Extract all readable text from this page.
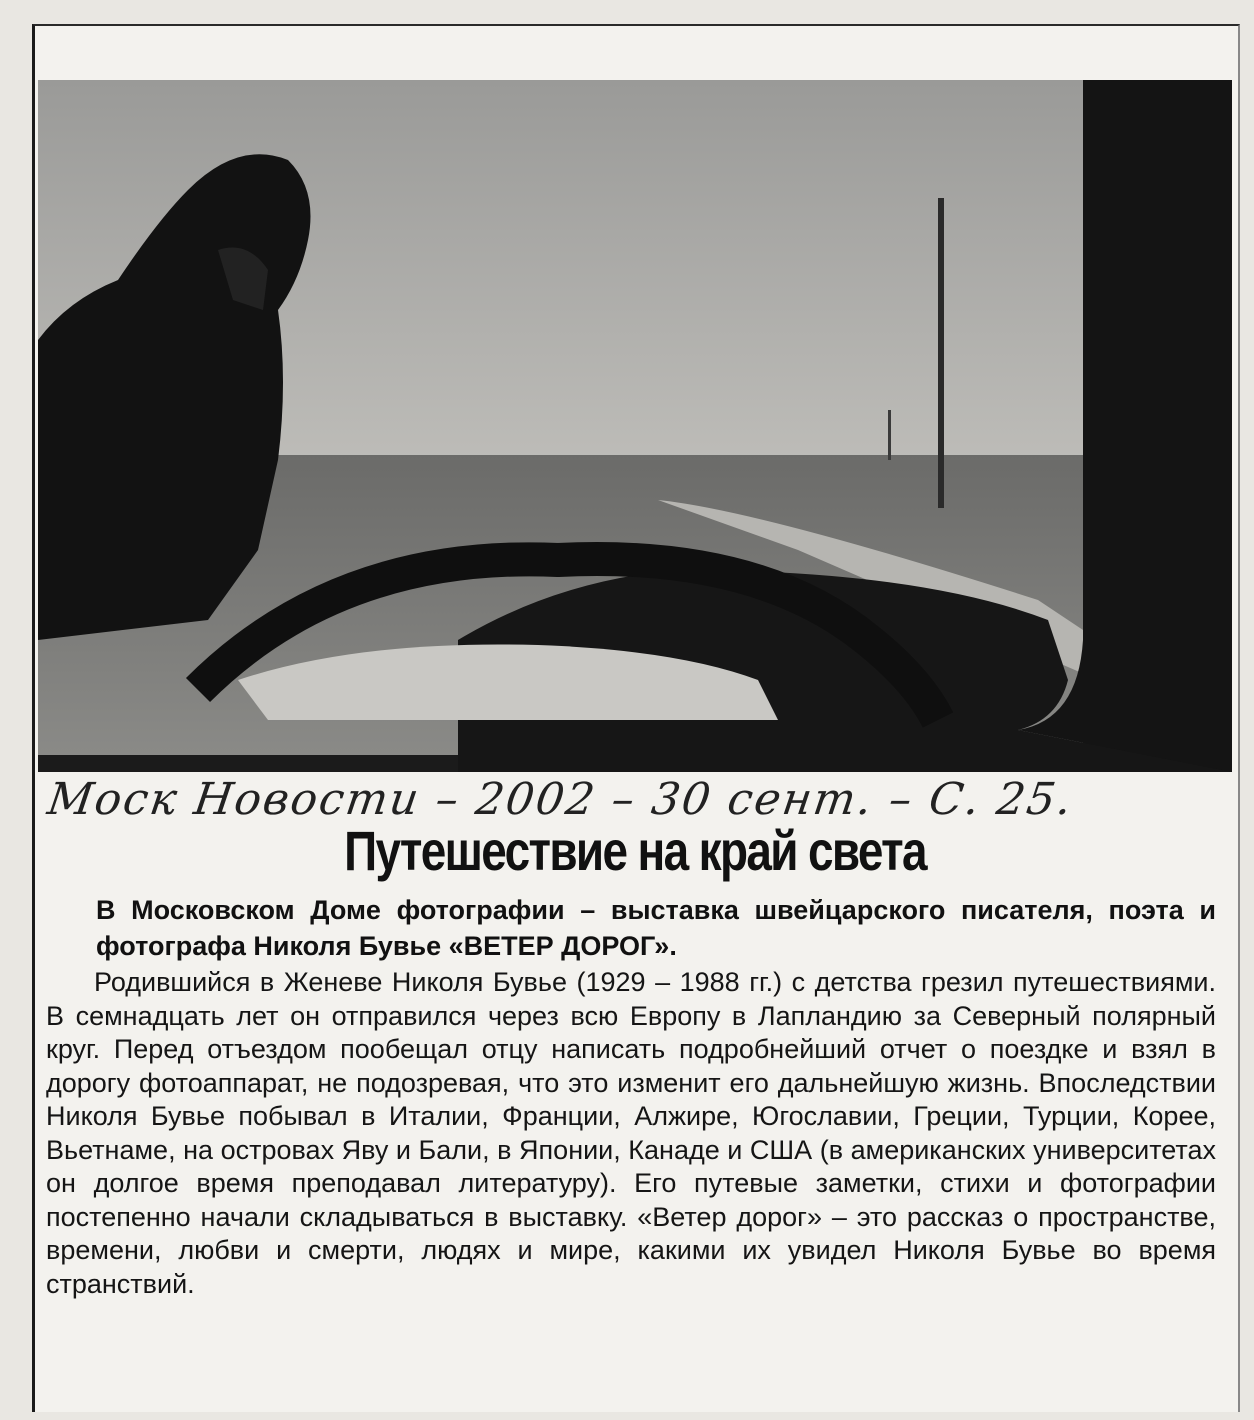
Моск Новости – 2002 – 30 сент. – С. 25.
Путешествие на край света
В Московском Доме фотографии – выставка швейцарского писателя, поэта и фотографа Николя Бувье «ВЕТЕР ДОРОГ».
Родившийся в Женеве Николя Бувье (1929 – 1988 гг.) с детства грезил путешествиями. В семнадцать лет он отправился через всю Европу в Лапландию за Северный полярный круг. Перед отъездом пообещал отцу написать подробнейший отчет о поездке и взял в дорогу фотоаппарат, не подозревая, что это изменит его дальнейшую жизнь. Впоследствии Николя Бувье побывал в Италии, Франции, Алжире, Югославии, Греции, Турции, Корее, Вьетнаме, на островах Яву и Бали, в Японии, Канаде и США (в американских университетах он долгое время преподавал литературу). Его путевые заметки, стихи и фотографии постепенно начали складываться в выставку. «Ветер дорог» – это рассказ о пространстве, времени, любви и смерти, людях и мире, какими их увидел Николя Бувье во время странствий.
